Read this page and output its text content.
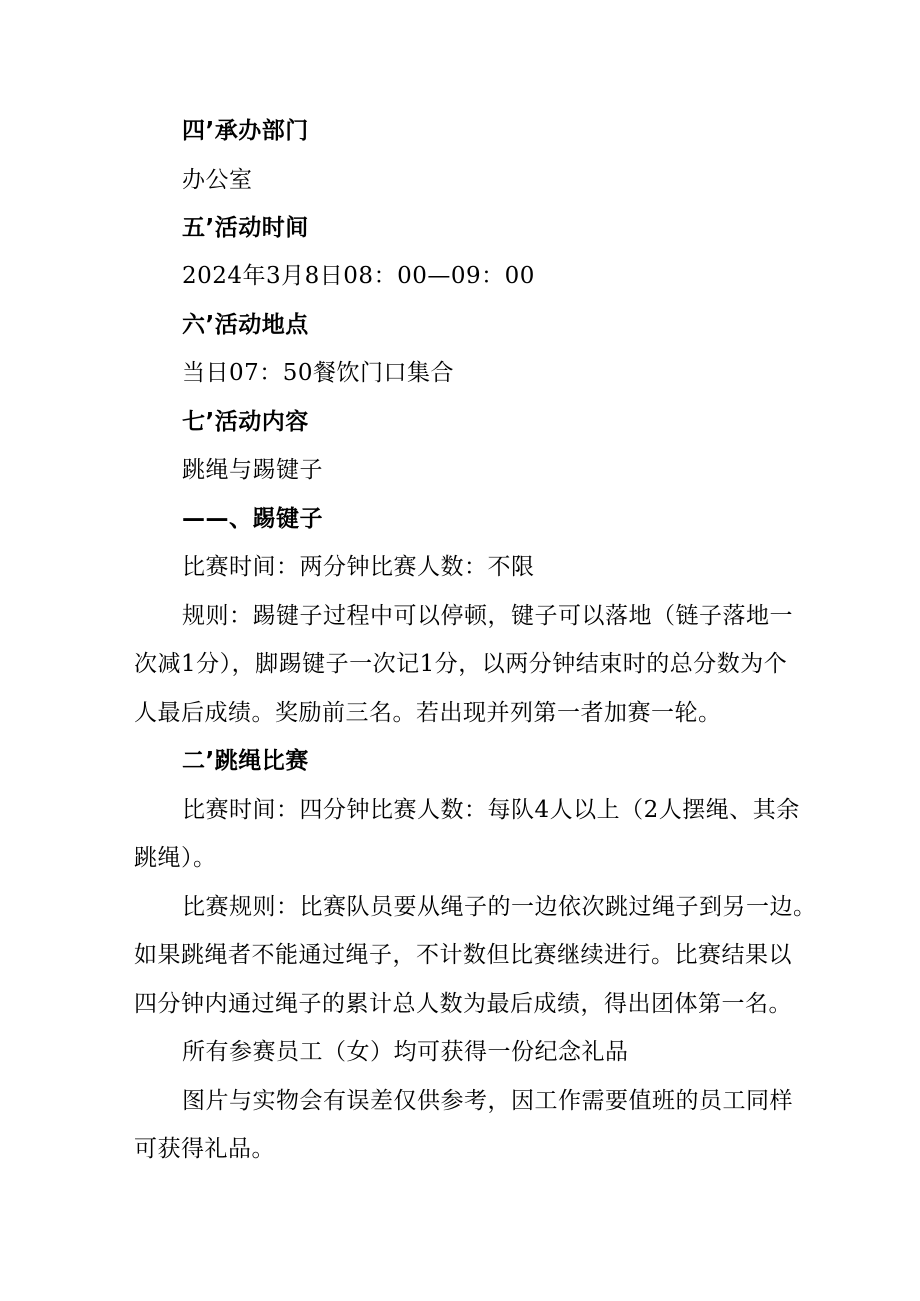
四’承办部门
办公室
五’活动时间
2024年3月8日08：00—09：00
六’活动地点
当日07：50餐饮门口集合
七’活动内容
跳绳与踢键子
——、踢键子
比赛时间：两分钟比赛人数：不限
规则：踢键子过程中可以停顿，键子可以落地（链子落地一
次减1分），脚踢键子一次记1分，以两分钟结束时的总分数为个
人最后成绩。奖励前三名。若出现并列第一者加赛一轮。
二’跳绳比赛
比赛时间：四分钟比赛人数：每队4人以上（2人摆绳、其余
跳绳）。
比赛规则：比赛队员要从绳子的一边依次跳过绳子到另一边。
如果跳绳者不能通过绳子，不计数但比赛继续进行。比赛结果以
四分钟内通过绳子的累计总人数为最后成绩，得出团体第一名。
所有参赛员工（女）均可获得一份纪念礼品
图片与实物会有误差仅供参考，因工作需要值班的员工同样
可获得礼品。
